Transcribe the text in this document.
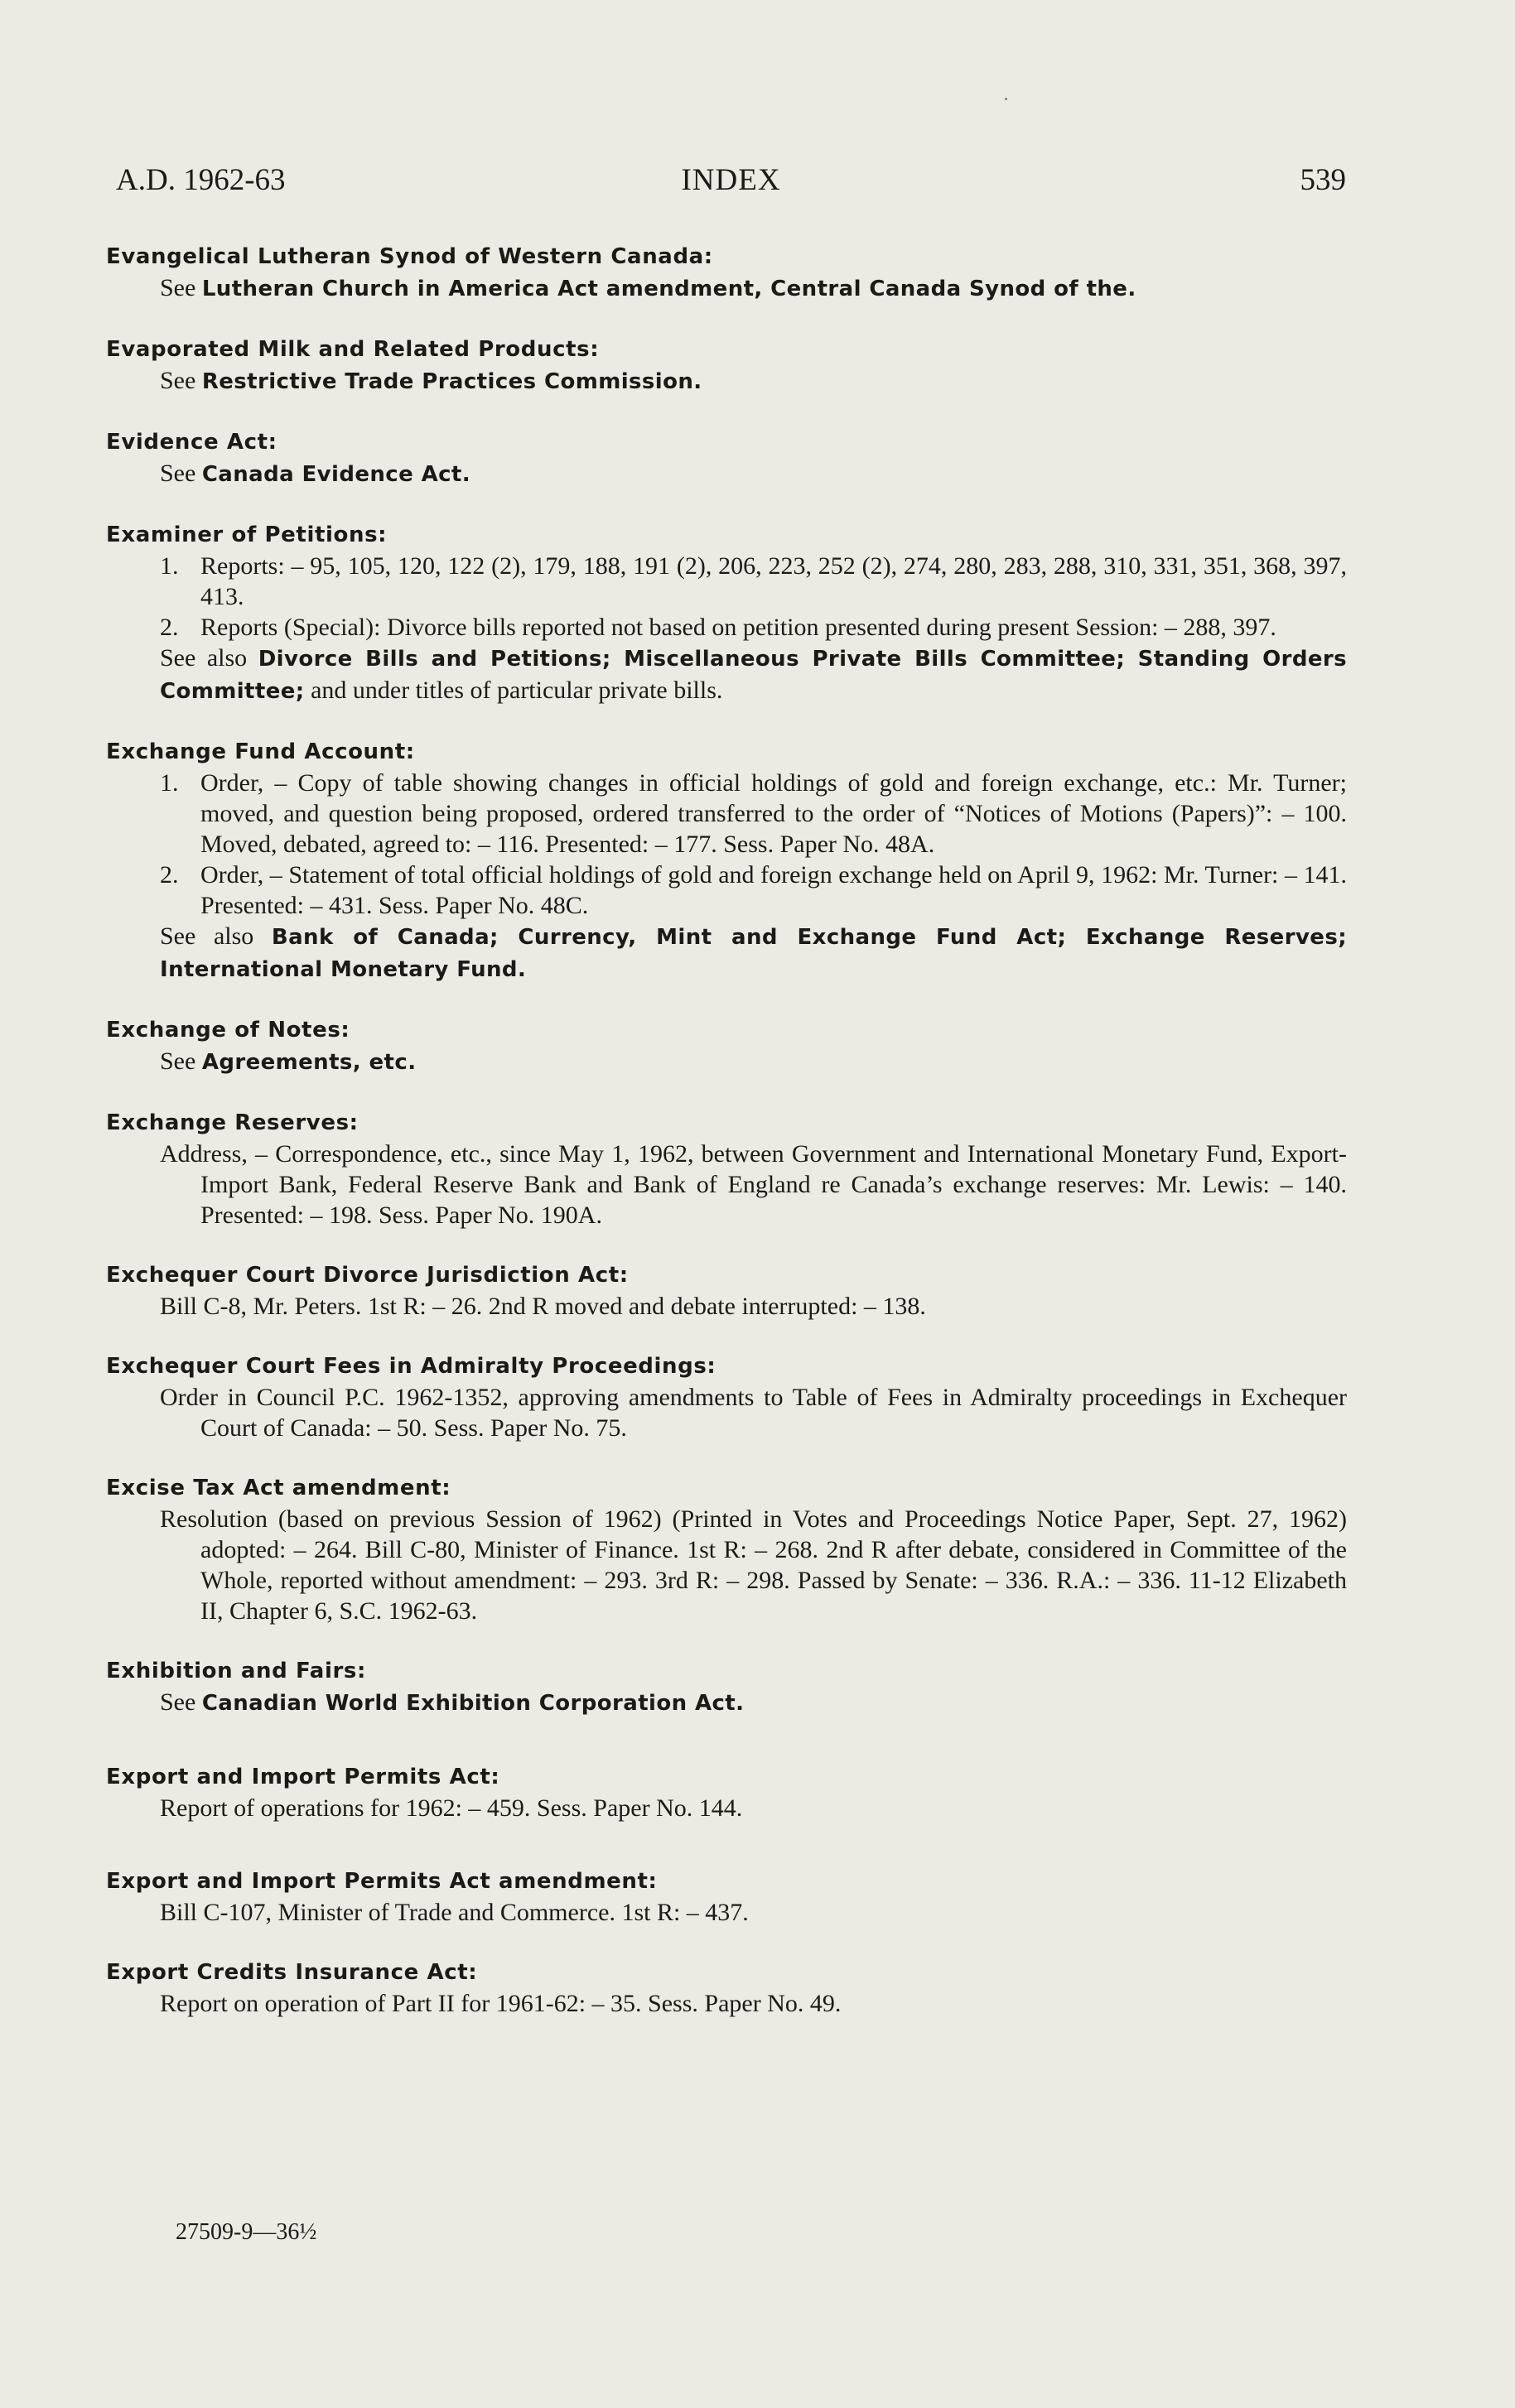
A.D. 1962-63	INDEX	539
Evangelical Lutheran Synod of Western Canada:
See Lutheran Church in America Act amendment, Central Canada Synod of the.
Evaporated Milk and Related Products:
See Restrictive Trade Practices Commission.
Evidence Act:
See Canada Evidence Act.
Examiner of Petitions:
1. Reports: – 95, 105, 120, 122 (2), 179, 188, 191 (2), 206, 223, 252 (2), 274, 280, 283, 288, 310, 331, 351, 368, 397, 413.
2. Reports (Special): Divorce bills reported not based on petition presented during present Session: – 288, 397.
See also Divorce Bills and Petitions; Miscellaneous Private Bills Committee; Standing Orders Committee; and under titles of particular private bills.
Exchange Fund Account:
1. Order, – Copy of table showing changes in official holdings of gold and foreign exchange, etc.: Mr. Turner; moved, and question being proposed, ordered transferred to the order of “Notices of Motions (Papers)”: – 100. Moved, debated, agreed to: – 116. Presented: – 177. Sess. Paper No. 48A.
2. Order, – Statement of total official holdings of gold and foreign exchange held on April 9, 1962: Mr. Turner: – 141. Presented: – 431. Sess. Paper No. 48C.
See also Bank of Canada; Currency, Mint and Exchange Fund Act; Exchange Reserves; International Monetary Fund.
Exchange of Notes:
See Agreements, etc.
Exchange Reserves:
Address, – Correspondence, etc., since May 1, 1962, between Government and International Monetary Fund, Export-Import Bank, Federal Reserve Bank and Bank of England re Canada’s exchange reserves: Mr. Lewis: – 140. Presented: – 198. Sess. Paper No. 190A.
Exchequer Court Divorce Jurisdiction Act:
Bill C-8, Mr. Peters. 1st R: – 26. 2nd R moved and debate interrupted: – 138.
Exchequer Court Fees in Admiralty Proceedings:
Order in Council P.C. 1962-1352, approving amendments to Table of Fees in Admiralty proceedings in Exchequer Court of Canada: – 50. Sess. Paper No. 75.
Excise Tax Act amendment:
Resolution (based on previous Session of 1962) (Printed in Votes and Proceedings Notice Paper, Sept. 27, 1962) adopted: – 264. Bill C-80, Minister of Finance. 1st R: – 268. 2nd R after debate, considered in Committee of the Whole, reported without amendment: – 293. 3rd R: – 298. Passed by Senate: – 336. R.A.: – 336. 11-12 Elizabeth II, Chapter 6, S.C. 1962-63.
Exhibition and Fairs:
See Canadian World Exhibition Corporation Act.
Export and Import Permits Act:
Report of operations for 1962: – 459. Sess. Paper No. 144.
Export and Import Permits Act amendment:
Bill C-107, Minister of Trade and Commerce. 1st R: – 437.
Export Credits Insurance Act:
Report on operation of Part II for 1961-62: – 35. Sess. Paper No. 49.
27509-9—36½
